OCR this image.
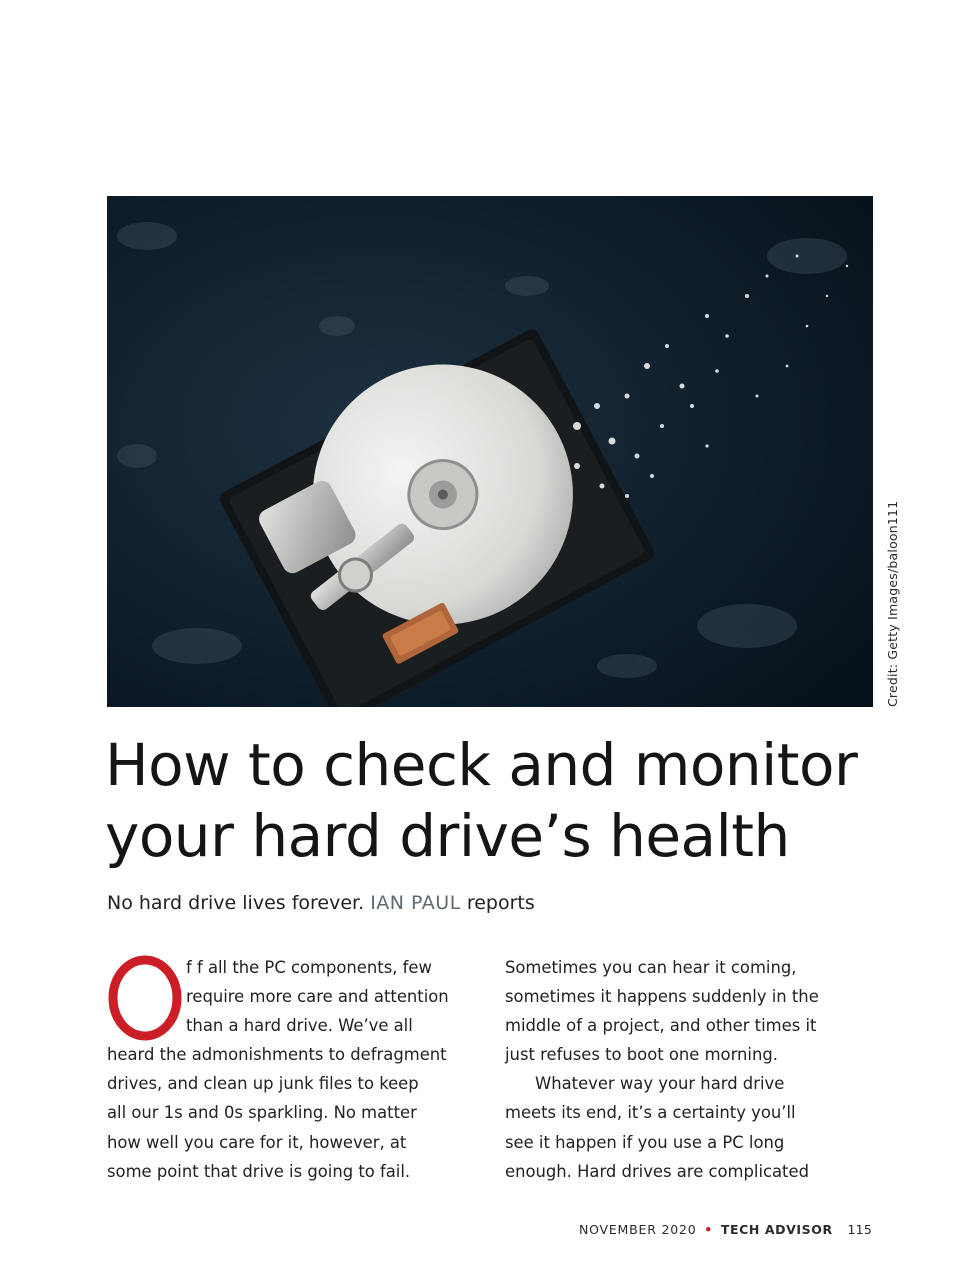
Credit: Getty Images/baloon111
How to check and monitor
your hard drive’s health

No hard drive lives forever. IAN PAUL reports

f f all the PC components, few
require more care and attention
than a hard drive. We’ve all
heard the admonishments to defragment
drives, and clean up junk files to keep
all our 1s and 0s sparkling. No matter
how well you care for it, however, at
some point that drive is going to fail.
Sometimes you can hear it coming,
sometimes it happens suddenly in the
middle of a project, and other times it
just refuses to boot one morning.
Whatever way your hard drive
meets its end, it’s a certainty you’ll
see it happen if you use a PC long
enough. Hard drives are complicated
NOVEMBER 2020 • TECH ADVISOR 115
